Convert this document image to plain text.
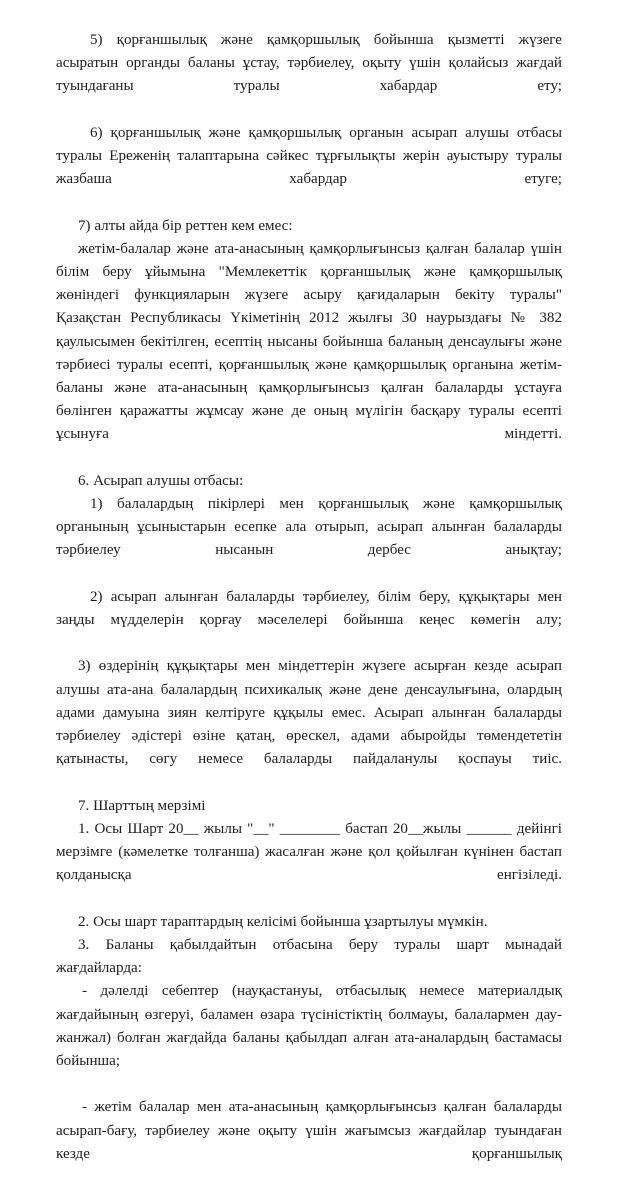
5) қорғаншылық және қамқоршылық бойынша қызметті жүзеге асыратын органды баланы ұстау, тәрбиелеу, оқыту үшін қолайсыз жағдай туындағаны туралы хабардар ету;

6) қорғаншылық және қамқоршылық органын асырап алушы отбасы туралы Ереженің талаптарына сәйкес тұрғылықты жерін ауыстыру туралы жазбаша хабардар етуге;

7) алты айда бір реттен кем емес:

жетім-балалар және ата-анасының қамқорлығынсыз қалған балалар үшін білім беру ұйымына "Мемлекеттік қорғаншылық және қамқоршылық жөніндегі функцияларын жүзеге асыру қағидаларын бекіту туралы" Қазақстан Республикасы Үкіметінің 2012 жылғы 30 наурыздағы № 382 қаулысымен бекітілген, есептің нысаны бойынша баланың денсаулығы және тәрбиесі туралы есепті, қорғаншылық және қамқоршылық органына жетім-баланы және ата-анасының қамқорлығынсыз қалған балаларды ұстауға бөлінген қаражатты жұмсау және де оның мүлігін басқару туралы есепті ұсынуға міндетті.

6. Асырап алушы отбасы:

1) балалардың пікірлері мен қорғаншылық және қамқоршылық органының ұсыныстарын есепке ала отырып, асырап алынған балаларды тәрбиелеу нысанын дербес анықтау;

2) асырап алынған балаларды тәрбиелеу, білім беру, құқықтары мен заңды мүдделерін қорғау мәселелері бойынша кеңес көмегін алу;

3) өздерінің құқықтары мен міндеттерін жүзеге асырған кезде асырап алушы ата-ана балалардың психикалық және дене денсаулығына, олардың адами дамуына зиян келтіруге құқылы емес. Асырап алынған балаларды тәрбиелеу әдістері өзіне қатаң, өрескел, адами абыройды төмендететін қатынасты, сөгу немесе балаларды пайдаланулы қоспауы тиіс.

7. Шарттың мерзімі

1. Осы Шарт 20__ жылы "__" ________ бастап 20__жылы ______ дейінгі мерзімге (кәмелетке толғанша) жасалған және қол қойылған күнінен бастап қолданысқа енгізіледі.

2. Осы шарт тараптардың келісімі бойынша ұзартылуы мүмкін.

3. Баланы қабылдайтын отбасына беру туралы шарт мынадай жағдайларда:

- дәлелді себептер (науқастануы, отбасылық немесе материалдық жағдайының өзгеруі, баламен өзара түсіністіктің болмауы, балалармен дау-жанжал) болған жағдайда баланы қабылдап алған ата-аналардың бастамасы бойынша;

- жетім балалар мен ата-анасының қамқорлығынсыз қалған балаларды асырап-бағу, тәрбиелеу және оқыту үшін жағымсыз жағдайлар туындаған кезде қорғаншылық
